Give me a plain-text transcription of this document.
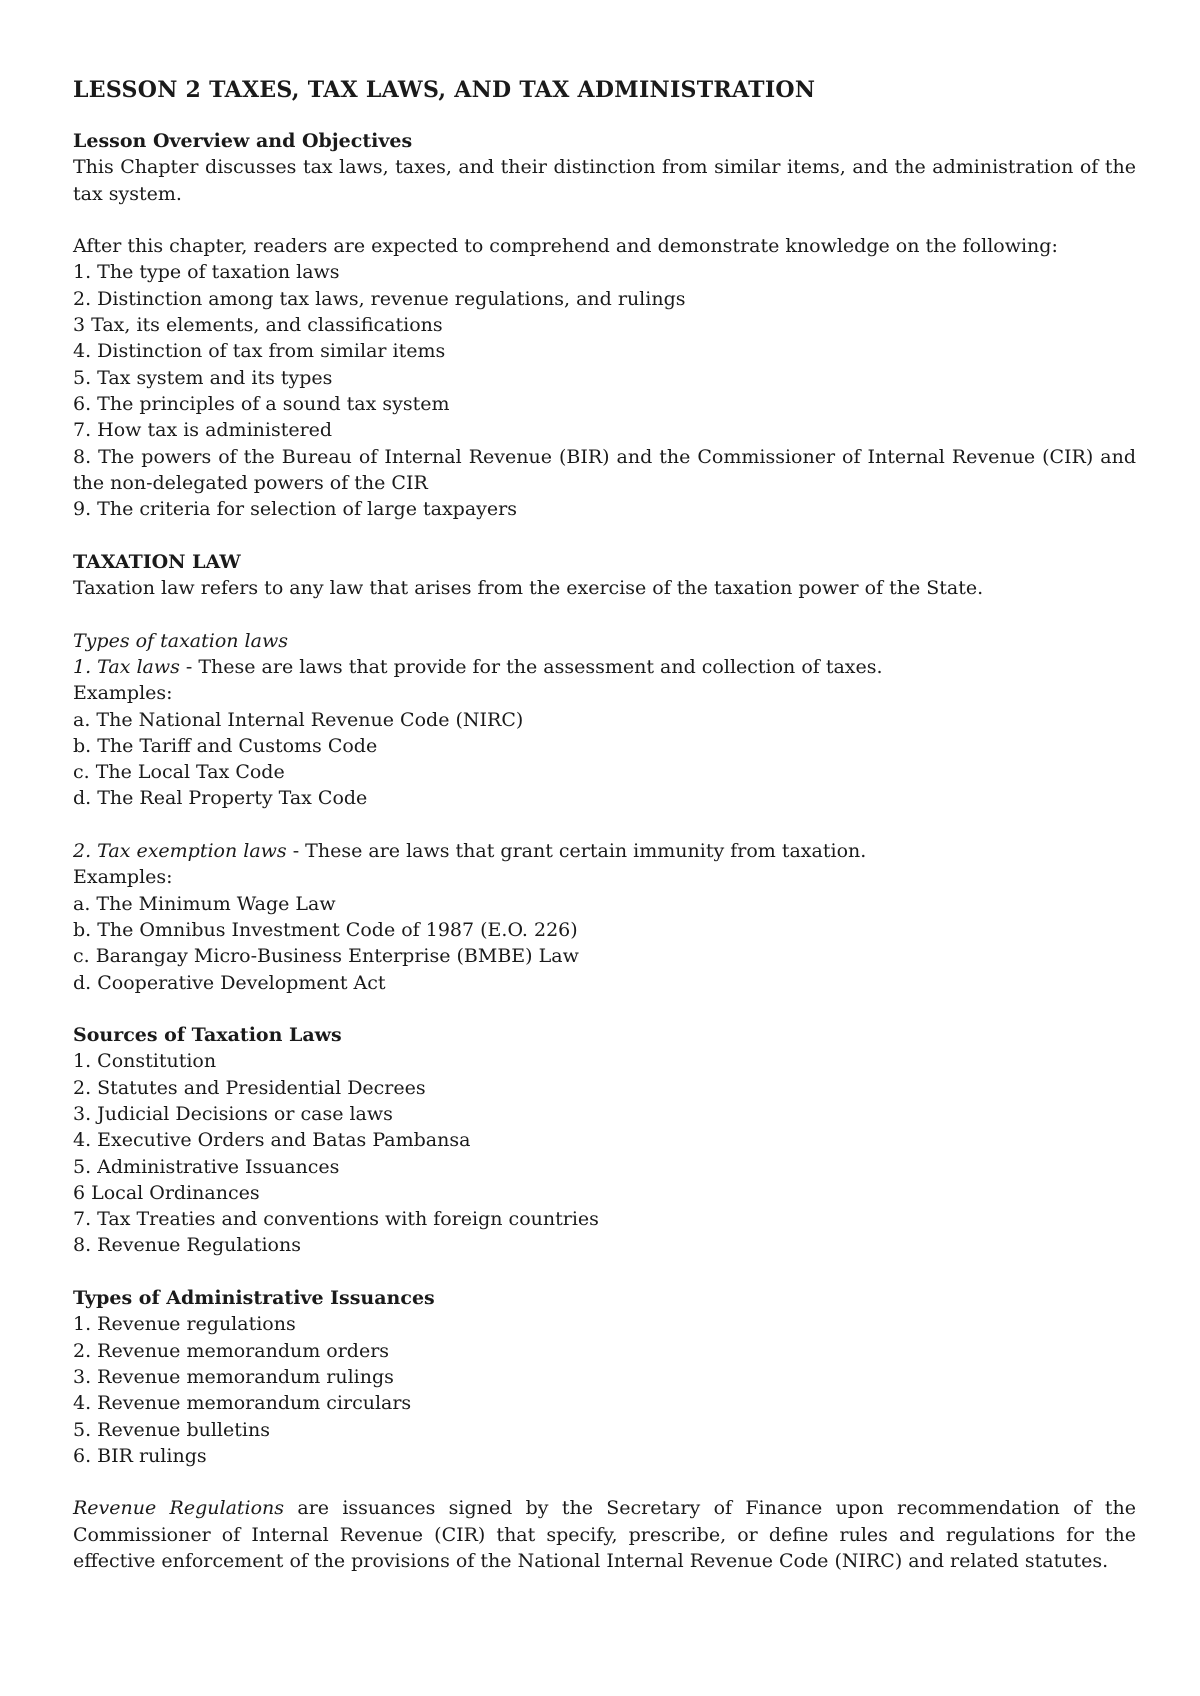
LESSON 2 TAXES, TAX LAWS, AND TAX ADMINISTRATION

Lesson Overview and Objectives

This Chapter discusses tax laws, taxes, and their distinction from similar items, and the administration of the tax system.

After this chapter, readers are expected to comprehend and demonstrate knowledge on the following:

1. The type of taxation laws

2. Distinction among tax laws, revenue regulations, and rulings

3 Tax, its elements, and classifications

4. Distinction of tax from similar items

5. Tax system and its types

6. The principles of a sound tax system

7. How tax is administered

8. The powers of the Bureau of Internal Revenue (BIR) and the Commissioner of Internal Revenue (CIR) and the non-delegated powers of the CIR

9. The criteria for selection of large taxpayers

TAXATION LAW

Taxation law refers to any law that arises from the exercise of the taxation power of the State.

Types of taxation laws

1. Tax laws - These are laws that provide for the assessment and collection of taxes.

Examples:

a. The National Internal Revenue Code (NIRC)

b. The Tariff and Customs Code

c. The Local Tax Code

d. The Real Property Tax Code

2. Tax exemption laws - These are laws that grant certain immunity from taxation.

Examples:

a. The Minimum Wage Law

b. The Omnibus Investment Code of 1987 (E.O. 226)

c. Barangay Micro-Business Enterprise (BMBE) Law

d. Cooperative Development Act

Sources of Taxation Laws

1. Constitution

2. Statutes and Presidential Decrees

3. Judicial Decisions or case laws

4. Executive Orders and Batas Pambansa

5. Administrative Issuances

6 Local Ordinances

7. Tax Treaties and conventions with foreign countries

8. Revenue Regulations

Types of Administrative Issuances

1. Revenue regulations

2. Revenue memorandum orders

3. Revenue memorandum rulings

4. Revenue memorandum circulars

5. Revenue bulletins

6. BIR rulings

Revenue Regulations are issuances signed by the Secretary of Finance upon recommendation of the Commissioner of Internal Revenue (CIR) that specify, prescribe, or define rules and regulations for the effective enforcement of the provisions of the National Internal Revenue Code (NIRC) and related statutes.
